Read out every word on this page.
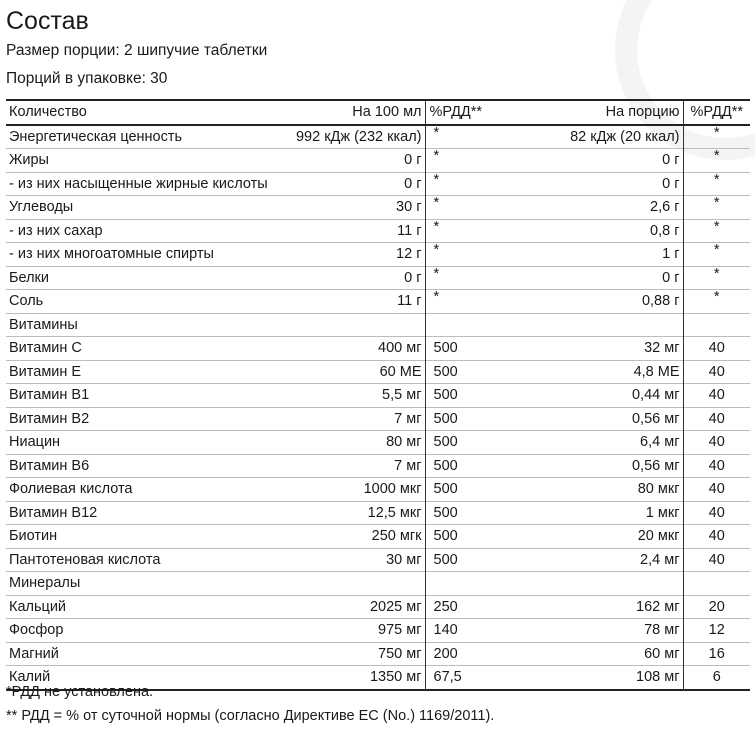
Состав
Размер порции: 2 шипучие таблетки
Порций в упаковке: 30
Количество	На 100 мл	%РДД**	На порцию	%РДД**
Энергетическая ценность	992 кДж (232 ккал)	*	82 кДж (20 ккал)	*
Жиры	0 г	*	0 г	*
- из них насыщенные жирные кислоты	0 г	*	0 г	*
Углеводы	30 г	*	2,6 г	*
- из них сахар	11 г	*	0,8 г	*
- из них многоатомные спирты	12 г	*	1 г	*
Белки	0 г	*	0 г	*
Соль	11 г	*	0,88 г	*
Витамины				
Витамин C	400 мг	500	32 мг	40
Витамин E	60 МЕ	500	4,8 МЕ	40
Витамин B1	5,5 мг	500	0,44 мг	40
Витамин B2	7 мг	500	0,56 мг	40
Ниацин	80 мг	500	6,4 мг	40
Витамин B6	7 мг	500	0,56 мг	40
Фолиевая кислота	1000 мкг	500	80 мкг	40
Витамин B12	12,5 мкг	500	1 мкг	40
Биотин	250 мгк	500	20 мкг	40
Пантотеновая кислота	30 мг	500	2,4 мг	40
Минералы				
Кальций	2025 мг	250	162 мг	20
Фосфор	975 мг	140	78 мг	12
Магний	750 мг	200	60 мг	16
Калий	1350 мг	67,5	108 мг	6
*РДД не установлена.
** РДД = % от суточной нормы (согласно Директиве ЕС (No.) 1169/2011).
